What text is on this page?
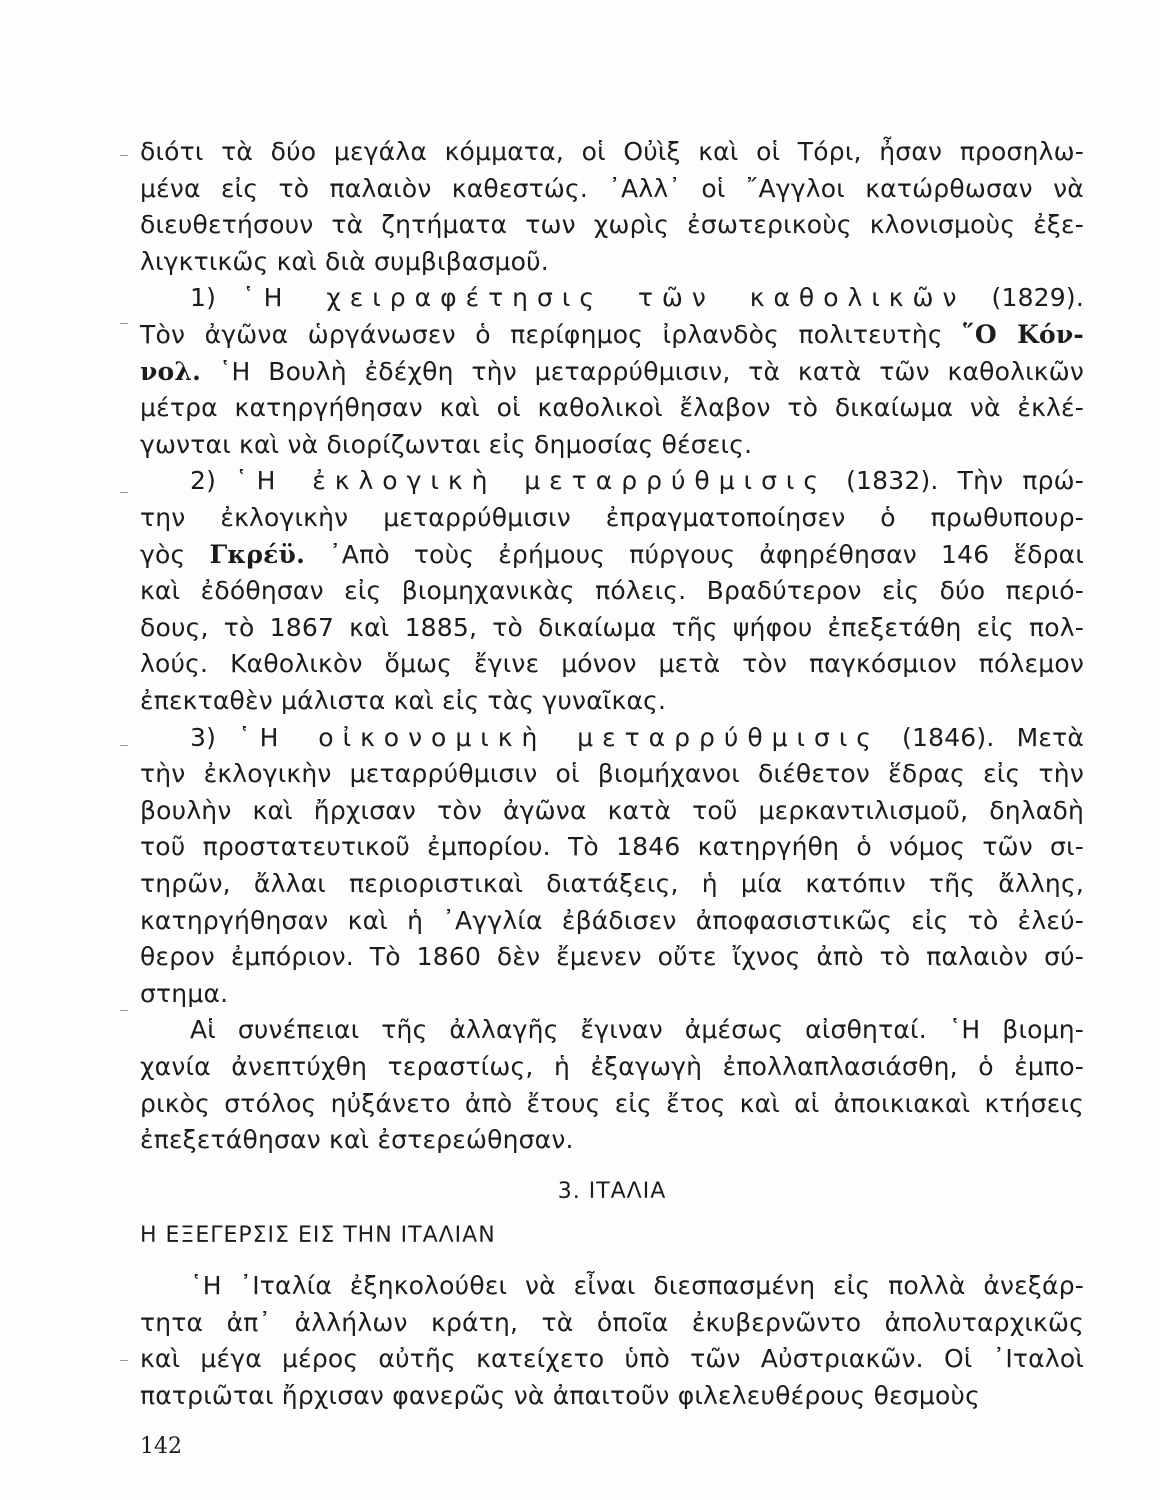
διότι τὰ δύο μεγάλα κόμματα, οἱ Οὐὶξ καὶ οἱ Τόρι, ἦσαν προσηλω-
μένα εἰς τὸ παλαιὸν καθεστώς. ᾿Αλλ᾿ οἱ ῎Αγγλοι κατώρθωσαν νὰ
διευθετήσουν τὰ ζητήματα των χωρὶς ἐσωτερικοὺς κλονισμοὺς ἐξε-
λιγκτικῶς καὶ διὰ συμβιβασμοῦ.
1) ῾Η χειραφέτησις τῶν καθολικῶν (1829).
Τὸν ἀγῶνα ὡργάνωσεν ὁ περίφημος ἰρλανδὸς πολιτευτὴς ῞Ο Κόν-
νολ. ῾Η Βουλὴ ἐδέχθη τὴν μεταρρύθμισιν, τὰ κατὰ τῶν καθολικῶν
μέτρα κατηργήθησαν καὶ οἱ καθολικοὶ ἔλαβον τὸ δικαίωμα νὰ ἐκλέ-
γωνται καὶ νὰ διορίζωνται εἰς δημοσίας θέσεις.
2) ῾Η ἐκλογικὴ μεταρρύθμισις (1832). Τὴν πρώ-
την ἐκλογικὴν μεταρρύθμισιν ἐπραγματοποίησεν ὁ πρωθυπουρ-
γὸς Γκρέϋ. ᾿Απὸ τοὺς ἐρήμους πύργους ἀφηρέθησαν 146 ἕδραι
καὶ ἐδόθησαν εἰς βιομηχανικὰς πόλεις. Βραδύτερον εἰς δύο περιό-
δους, τὸ 1867 καὶ 1885, τὸ δικαίωμα τῆς ψήφου ἐπεξετάθη εἰς πολ-
λούς. Καθολικὸν ὅμως ἔγινε μόνον μετὰ τὸν παγκόσμιον πόλεμον
ἐπεκταθὲν μάλιστα καὶ εἰς τὰς γυναῖκας.
3) ῾Η οἰκονομικὴ μεταρρύθμισις (1846). Μετὰ
τὴν ἐκλογικὴν μεταρρύθμισιν οἱ βιομήχανοι διέθετον ἕδρας εἰς τὴν
βουλὴν καὶ ἤρχισαν τὸν ἀγῶνα κατὰ τοῦ μερκαντιλισμοῦ, δηλαδὴ
τοῦ προστατευτικοῦ ἐμπορίου. Τὸ 1846 κατηργήθη ὁ νόμος τῶν σι-
τηρῶν, ἄλλαι περιοριστικαὶ διατάξεις, ἡ μία κατόπιν τῆς ἄλλης,
κατηργήθησαν καὶ ἡ ᾿Αγγλία ἐβάδισεν ἀποφασιστικῶς εἰς τὸ ἐλεύ-
θερον ἐμπόριον. Τὸ 1860 δὲν ἔμενεν οὔτε ἴχνος ἀπὸ τὸ παλαιὸν σύ-
στημα.
Αἱ συνέπειαι τῆς ἀλλαγῆς ἔγιναν ἀμέσως αἰσθηταί. ῾Η βιομη-
χανία ἀνεπτύχθη τεραστίως, ἡ ἐξαγωγὴ ἐπολλαπλασιάσθη, ὁ ἐμπο-
ρικὸς στόλος ηὐξάνετο ἀπὸ ἔτους εἰς ἔτος καὶ αἱ ἀποικιακαὶ κτήσεις
ἐπεξετάθησαν καὶ ἐστερεώθησαν.
3. ΙΤΑΛΙΑ
Η ΕΞΕΓΕΡΣΙΣ ΕΙΣ ΤΗΝ ΙΤΑΛΙΑΝ
῾Η ᾿Ιταλία ἐξηκολούθει νὰ εἶναι διεσπασμένη εἰς πολλὰ ἀνεξάρ-
142
τητα ἀπ᾿ ἀλλήλων κράτη, τὰ ὁποῖα ἐκυβερνῶντο ἀπολυταρχικῶς
καὶ μέγα μέρος αὐτῆς κατείχετο ὑπὸ τῶν Αὐστριακῶν. Οἱ ᾿Ιταλοὶ
πατριῶται ἤρχισαν φανερῶς νὰ ἀπαιτοῦν φιλελευθέρους θεσμοὺς
